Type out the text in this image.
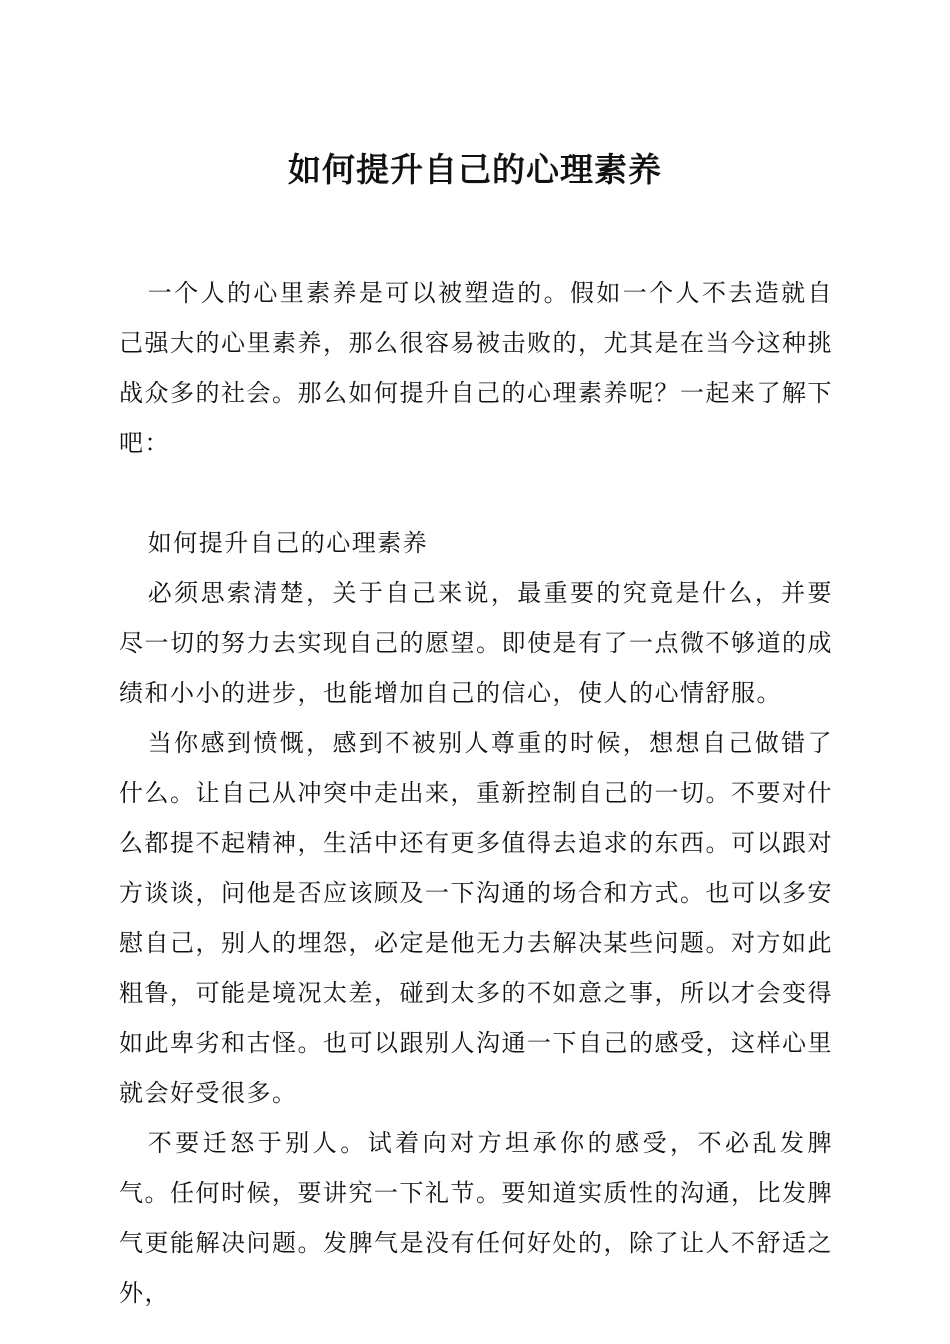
如何提升自己的心理素养

一个人的心里素养是可以被塑造的。假如一个人不去造就自己强大的心里素养，那么很容易被击败的，尤其是在当今这种挑战众多的社会。那么如何提升自己的心理素养呢？一起来了解下吧：

如何提升自己的心理素养

必须思索清楚，关于自己来说，最重要的究竟是什么，并要尽一切的努力去实现自己的愿望。即使是有了一点微不够道的成绩和小小的进步，也能增加自己的信心，使人的心情舒服。

当你感到愤慨，感到不被别人尊重的时候，想想自己做错了什么。让自己从冲突中走出来，重新控制自己的一切。不要对什么都提不起精神，生活中还有更多值得去追求的东西。可以跟对方谈谈，问他是否应该顾及一下沟通的场合和方式。也可以多安慰自己，别人的埋怨，必定是他无力去解决某些问题。对方如此粗鲁，可能是境况太差，碰到太多的不如意之事，所以才会变得如此卑劣和古怪。也可以跟别人沟通一下自己的感受，这样心里就会好受很多。

不要迁怒于别人。试着向对方坦承你的感受，不必乱发脾气。任何时候，要讲究一下礼节。要知道实质性的沟通，比发脾气更能解决问题。发脾气是没有任何好处的，除了让人不舒适之外，
